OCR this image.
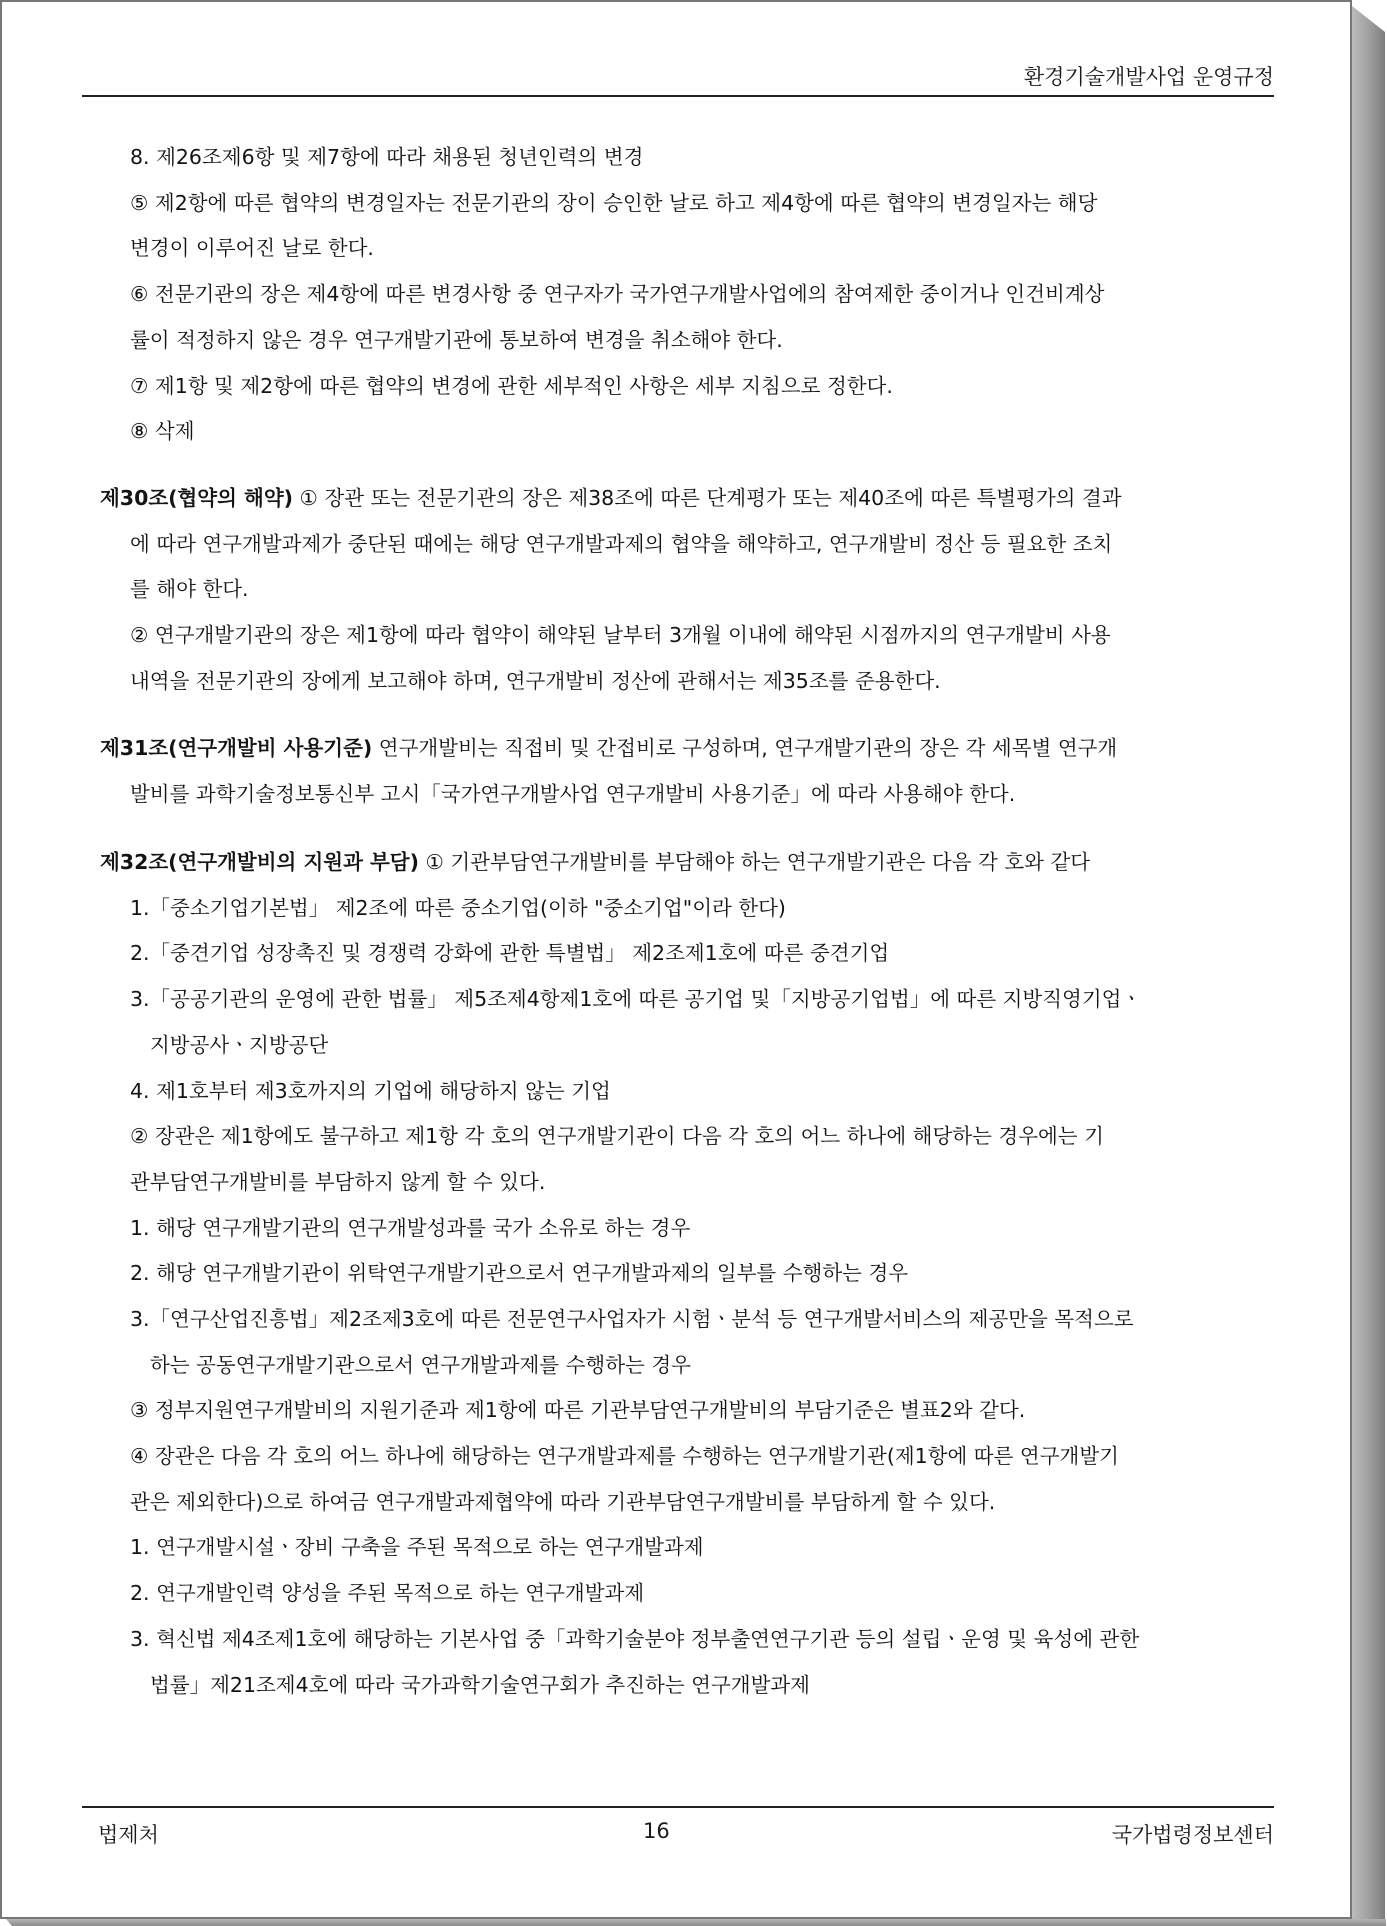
환경기술개발사업 운영규정
8. 제26조제6항 및 제7항에 따라 채용된 청년인력의 변경
⑤ 제2항에 따른 협약의 변경일자는 전문기관의 장이 승인한 날로 하고 제4항에 따른 협약의 변경일자는 해당
변경이 이루어진 날로 한다.
⑥ 전문기관의 장은 제4항에 따른 변경사항 중 연구자가 국가연구개발사업에의 참여제한 중이거나 인건비계상
률이 적정하지 않은 경우 연구개발기관에 통보하여 변경을 취소해야 한다.
⑦ 제1항 및 제2항에 따른 협약의 변경에 관한 세부적인 사항은 세부 지침으로 정한다.
⑧ 삭제
제30조(협약의 해약) ① 장관 또는 전문기관의 장은 제38조에 따른 단계평가 또는 제40조에 따른 특별평가의 결과
에 따라 연구개발과제가 중단된 때에는 해당 연구개발과제의 협약을 해약하고, 연구개발비 정산 등 필요한 조치
를 해야 한다.
② 연구개발기관의 장은 제1항에 따라 협약이 해약된 날부터 3개월 이내에 해약된 시점까지의 연구개발비 사용
내역을 전문기관의 장에게 보고해야 하며, 연구개발비 정산에 관해서는 제35조를 준용한다.
제31조(연구개발비 사용기준) 연구개발비는 직접비 및 간접비로 구성하며, 연구개발기관의 장은 각 세목별 연구개
발비를 과학기술정보통신부 고시「국가연구개발사업 연구개발비 사용기준」에 따라 사용해야 한다.
제32조(연구개발비의 지원과 부담) ① 기관부담연구개발비를 부담해야 하는 연구개발기관은 다음 각 호와 같다
1.「중소기업기본법」 제2조에 따른 중소기업(이하 "중소기업"이라 한다)
2.「중견기업 성장촉진 및 경쟁력 강화에 관한 특별법」 제2조제1호에 따른 중견기업
3.「공공기관의 운영에 관한 법률」 제5조제4항제1호에 따른 공기업 및「지방공기업법」에 따른 지방직영기업ㆍ
지방공사ㆍ지방공단
4. 제1호부터 제3호까지의 기업에 해당하지 않는 기업
② 장관은 제1항에도 불구하고 제1항 각 호의 연구개발기관이 다음 각 호의 어느 하나에 해당하는 경우에는 기
관부담연구개발비를 부담하지 않게 할 수 있다.
1. 해당 연구개발기관의 연구개발성과를 국가 소유로 하는 경우
2. 해당 연구개발기관이 위탁연구개발기관으로서 연구개발과제의 일부를 수행하는 경우
3.「연구산업진흥법」제2조제3호에 따른 전문연구사업자가 시험ㆍ분석 등 연구개발서비스의 제공만을 목적으로
하는 공동연구개발기관으로서 연구개발과제를 수행하는 경우
③ 정부지원연구개발비의 지원기준과 제1항에 따른 기관부담연구개발비의 부담기준은 별표2와 같다.
④ 장관은 다음 각 호의 어느 하나에 해당하는 연구개발과제를 수행하는 연구개발기관(제1항에 따른 연구개발기
관은 제외한다)으로 하여금 연구개발과제협약에 따라 기관부담연구개발비를 부담하게 할 수 있다.
1. 연구개발시설ㆍ장비 구축을 주된 목적으로 하는 연구개발과제
2. 연구개발인력 양성을 주된 목적으로 하는 연구개발과제
3. 혁신법 제4조제1호에 해당하는 기본사업 중「과학기술분야 정부출연연구기관 등의 설립ㆍ운영 및 육성에 관한
법률」제21조제4호에 따라 국가과학기술연구회가 추진하는 연구개발과제
법제처	16	국가법령정보센터
